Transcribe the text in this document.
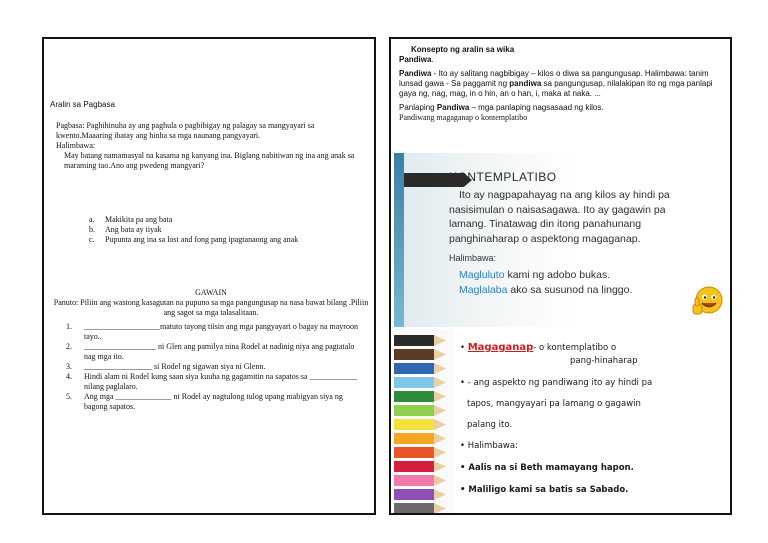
Aralin sa Pagbasa

Pagbasa: Paghihinuha ay ang paghula o pagbibigay ng palagay sa mangyayari sa kwento.Maaaring ibatay ang hinha sa mga naunang pangyayari.

Halimbawa:

May batang namamasyal na kasama ng kanyang ina. Biglang nabitiwan ng ina ang anak sa maraming tao.Ano ang pwedeng mangyari?

a.	Makikita pa ang bata
b.	Ang bata ay iiyak
c.	Pupunta ang ina sa lost and fong pang ipagtanaong ang anak
GAWAIN
Panuto: Piliin ang wastong kasagutan na pupuno sa mga pangungusap na nasa bawat bilang .Piliin ang sagot sa mga talasalitaan.
1.	___________________matuto tayong tiisin ang mga pangyayari o bagay na mayroon tayo..
2.	__________________ ni Glen ang pamilya nina Rodel at nadinig niya ang pagtatalo nag mga ito.
3.	_________________ si Rodel ng sigawan siya ni Glenn.
4.	Hindi alam ni Rodel kung saan siya kuuha ng gagamitin na sapatos sa ____________ nilang paglalaro.
5.	Ang mga ______________ ni Rodel ay nagtulong tulog upang mabigyan siya ng bagong sapatos.

Konsepto ng aralin sa wika

Pandiwa.

Pandiwa - Ito ay salitang nagbibigay – kilos o diwa sa pangungusap. Halimbawa: tanim lunsad gawa - Sa paggamit ng pandiwa sa pangungusap, nilalakipan ito ng mga panlapi gaya ng, nag, mag, in o hin, an o han, i, maka at naka. ...

Panlaping Pandiwa – mga panlaping nagsasaad ng kilos.

Pandiwang magaganap o kontemplatibo

KONTEMPLATIBO
Ito ay nagpapahayag na ang kilos ay hindi pa
nasisimulan o naisasagawa. Ito ay gagawin pa
lamang. Tinatawag din itong panahunang
panghinaharap o aspektong magaganap.
Halimbawa:
Magluluto kami ng adobo bukas.
Maglalaba ako sa susunod na linggo.
• Magaganap- o kontemplatibo o
pang-hinaharap
• - ang aspekto ng pandiwang ito ay hindi pa
tapos, mangyayari pa lamang o gagawin
palang ito.
• Halimbawa:
• Aalis na si Beth mamayang hapon.
• Maliligo kami sa batis sa Sabado.
